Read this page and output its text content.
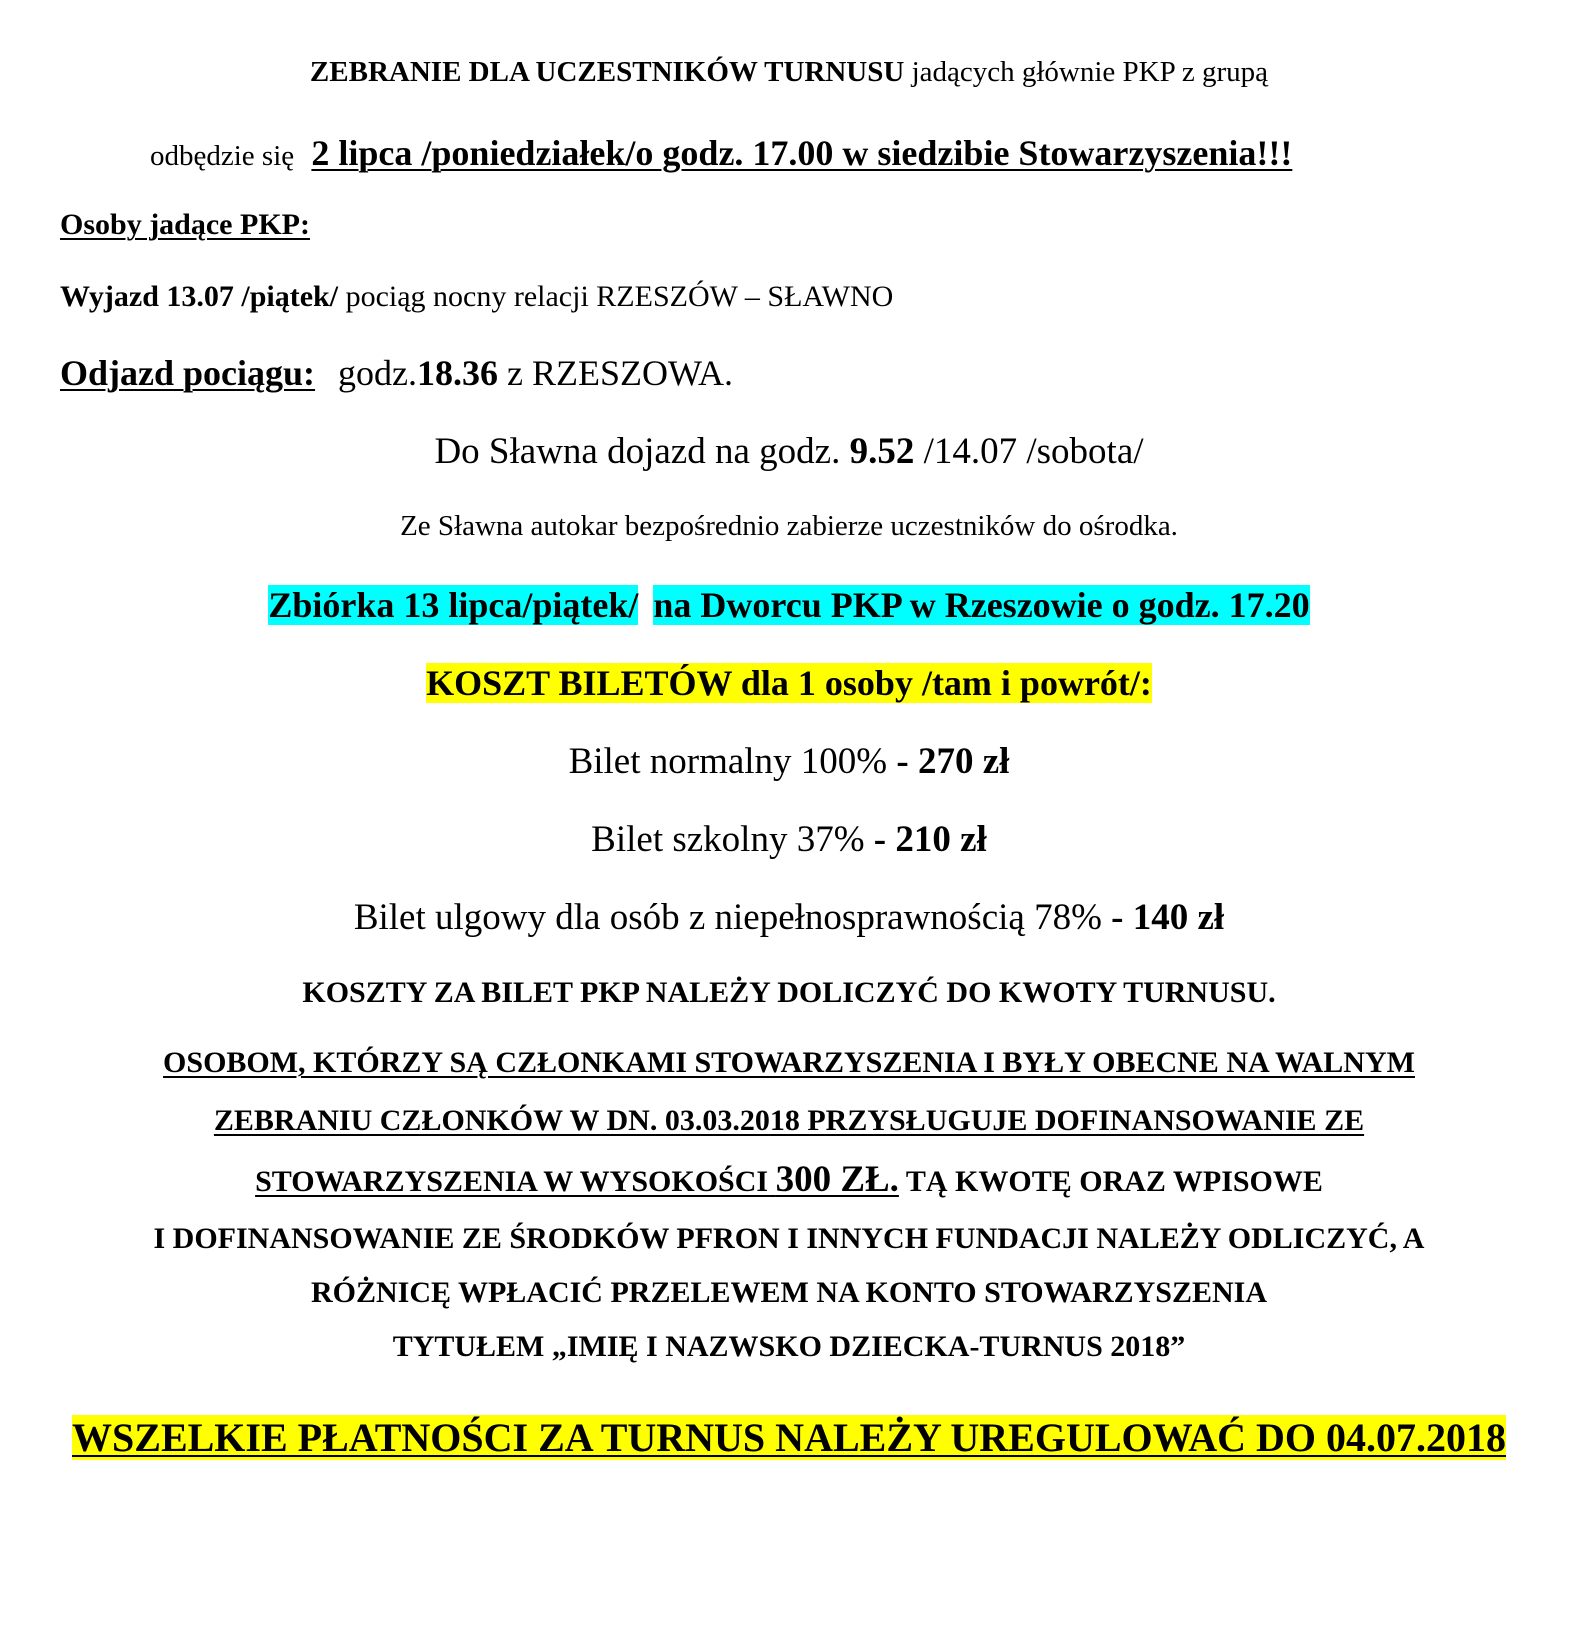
ZEBRANIE DLA UCZESTNIKÓW TURNUSU jadących głównie PKP z grupą
odbędzie się 2 lipca /poniedziałek/o godz. 17.00 w siedzibie Stowarzyszenia!!!
Osoby jadące PKP:
Wyjazd 13.07 /piątek/ pociąg nocny relacji RZESZÓW – SŁAWNO
Odjazd pociągu: godz.18.36 z RZESZOWA.
Do Sławna dojazd na godz. 9.52 /14.07 /sobota/
Ze Sławna autokar bezpośrednio zabierze uczestników do ośrodka.
Zbiórka 13 lipca/piątek/ na Dworcu PKP w Rzeszowie o godz. 17.20
KOSZT BILETÓW dla 1 osoby /tam i powrót/:
Bilet normalny 100% - 270 zł
Bilet szkolny 37% - 210 zł
Bilet ulgowy dla osób z niepełnosprawnością 78% - 140 zł
KOSZTY ZA BILET PKP NALEŻY DOLICZYĆ DO KWOTY TURNUSU.
OSOBOM, KTÓRZY SĄ CZŁONKAMI STOWARZYSZENIA I BYŁY OBECNE NA WALNYM
ZEBRANIU CZŁONKÓW W DN. 03.03.2018 PRZYSŁUGUJE DOFINANSOWANIE ZE
STOWARZYSZENIA W WYSOKOŚCI 300 ZŁ. TĄ KWOTĘ ORAZ WPISOWE
I DOFINANSOWANIE ZE ŚRODKÓW PFRON I INNYCH FUNDACJI NALEŻY ODLICZYĆ, A
RÓŻNICĘ WPŁACIĆ PRZELEWEM NA KONTO STOWARZYSZENIA
TYTUŁEM „IMIĘ I NAZWSKO DZIECKA-TURNUS 2018”
WSZELKIE PŁATNOŚCI ZA TURNUS NALEŻY UREGULOWAĆ DO 04.07.2018
